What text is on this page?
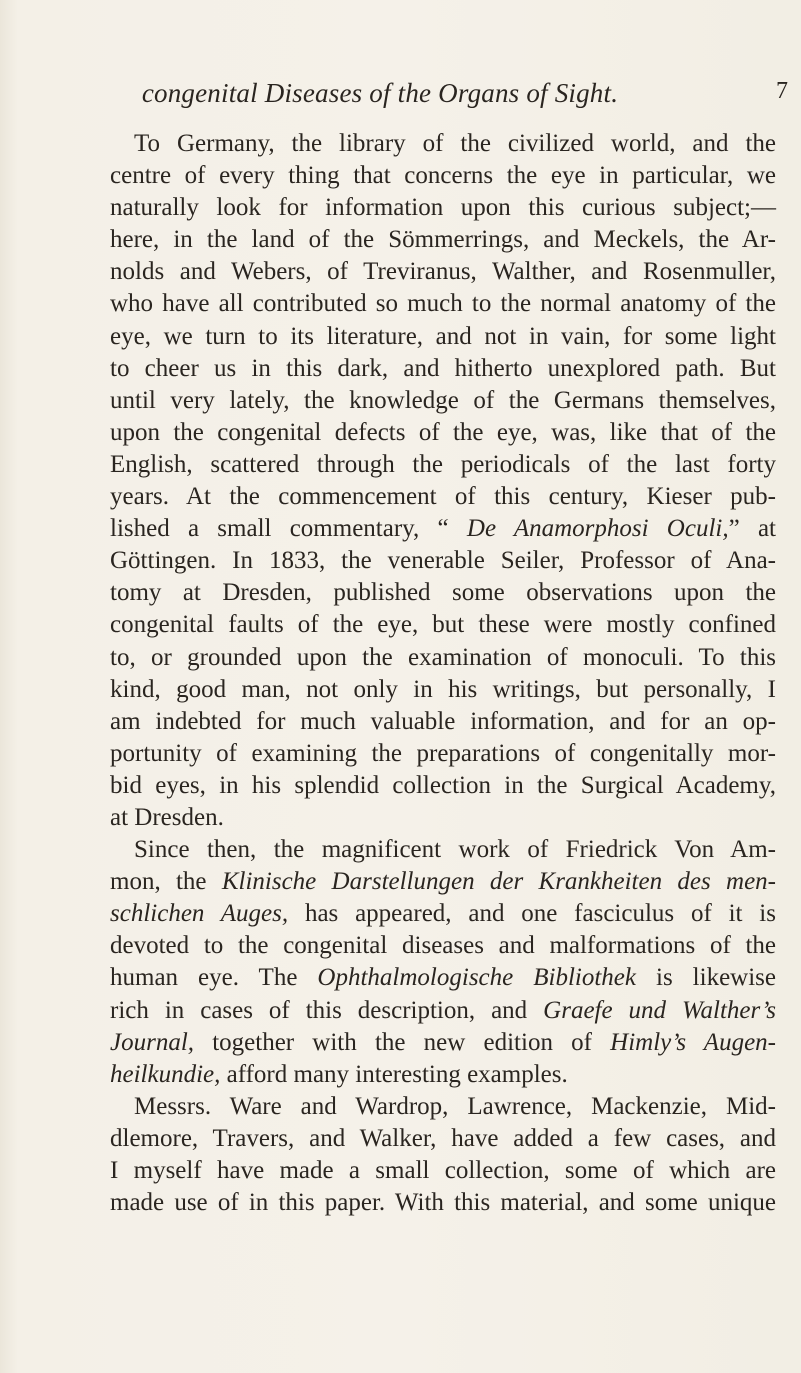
congenital Diseases of the Organs of Sight.	7
To Germany, the library of the civilized world, and the
centre of every thing that concerns the eye in particular, we
naturally look for information upon this curious subject;—
here, in the land of the Sömmerrings, and Meckels, the Ar-
nolds and Webers, of Treviranus, Walther, and Rosenmuller,
who have all contributed so much to the normal anatomy of the
eye, we turn to its literature, and not in vain, for some light
to cheer us in this dark, and hitherto unexplored path. But
until very lately, the knowledge of the Germans themselves,
upon the congenital defects of the eye, was, like that of the
English, scattered through the periodicals of the last forty
years. At the commencement of this century, Kieser pub-
lished a small commentary, “ De Anamorphosi Oculi,” at
Göttingen. In 1833, the venerable Seiler, Professor of Ana-
tomy at Dresden, published some observations upon the
congenital faults of the eye, but these were mostly confined
to, or grounded upon the examination of monoculi. To this
kind, good man, not only in his writings, but personally, I
am indebted for much valuable information, and for an op-
portunity of examining the preparations of congenitally mor-
bid eyes, in his splendid collection in the Surgical Academy,
at Dresden.
Since then, the magnificent work of Friedrick Von Am-
mon, the Klinische Darstellungen der Krankheiten des men-
schlichen Auges, has appeared, and one fasciculus of it is
devoted to the congenital diseases and malformations of the
human eye. The Ophthalmologische Bibliothek is likewise
rich in cases of this description, and Graefe und Walther’s
Journal, together with the new edition of Himly’s Augen-
heilkundie, afford many interesting examples.
Messrs. Ware and Wardrop, Lawrence, Mackenzie, Mid-
dlemore, Travers, and Walker, have added a few cases, and
I myself have made a small collection, some of which are
made use of in this paper. With this material, and some unique
